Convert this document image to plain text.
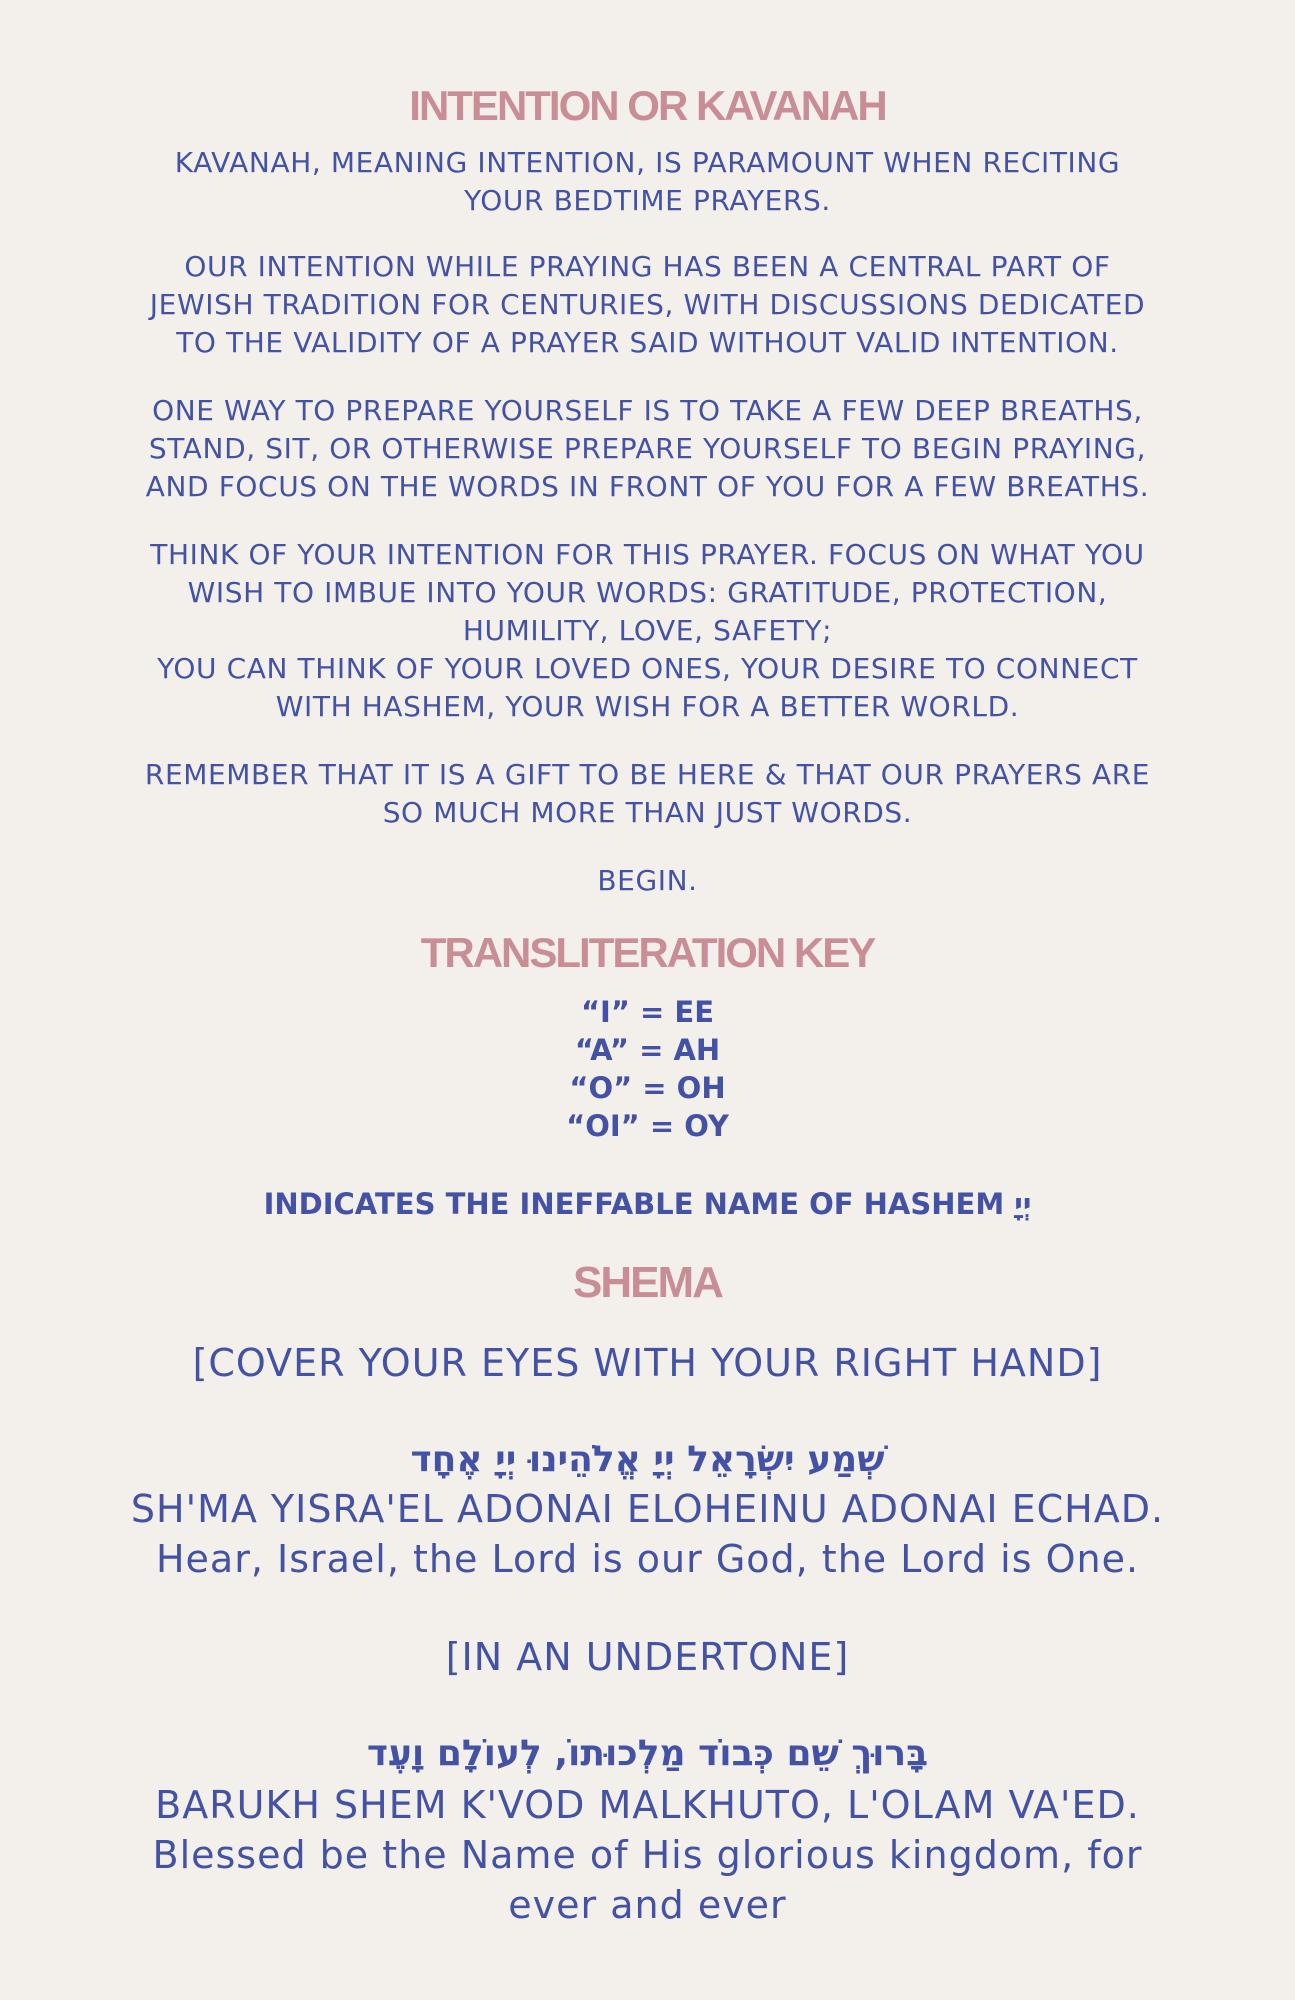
INTENTION OR KAVANAH
KAVANAH, MEANING INTENTION, IS PARAMOUNT WHEN RECITING
YOUR BEDTIME PRAYERS.
OUR INTENTION WHILE PRAYING HAS BEEN A CENTRAL PART OF
JEWISH TRADITION FOR CENTURIES, WITH DISCUSSIONS DEDICATED
TO THE VALIDITY OF A PRAYER SAID WITHOUT VALID INTENTION.
ONE WAY TO PREPARE YOURSELF IS TO TAKE A FEW DEEP BREATHS,
STAND, SIT, OR OTHERWISE PREPARE YOURSELF TO BEGIN PRAYING,
AND FOCUS ON THE WORDS IN FRONT OF YOU FOR A FEW BREATHS.
THINK OF YOUR INTENTION FOR THIS PRAYER. FOCUS ON WHAT YOU
WISH TO IMBUE INTO YOUR WORDS: GRATITUDE, PROTECTION,
HUMILITY, LOVE, SAFETY;
YOU CAN THINK OF YOUR LOVED ONES, YOUR DESIRE TO CONNECT
WITH HASHEM, YOUR WISH FOR A BETTER WORLD.
REMEMBER THAT IT IS A GIFT TO BE HERE & THAT OUR PRAYERS ARE
SO MUCH MORE THAN JUST WORDS.
BEGIN.
TRANSLITERATION KEY
“I” = EE
“A” = AH
“O” = OH
“OI” = OY
יְיָ INDICATES THE INEFFABLE NAME OF HASHEM
SHEMA
[COVER YOUR EYES WITH YOUR RIGHT HAND]
שְׁמַע יִשְׂרָאֵל יְיָ אֱלֹהֵינוּ יְיָ אֶחָד
SH'MA YISRA'EL ADONAI ELOHEINU ADONAI ECHAD.
Hear, Israel, the Lord is our God, the Lord is One.
[IN AN UNDERTONE]
בָּרוּךְ שֵׁם כְּבוֹד מַלְכוּתוֹ, לְעוֹלָם וָעֶד
BARUKH SHEM K'VOD MALKHUTO, L'OLAM VA'ED.
Blessed be the Name of His glorious kingdom, for
ever and ever
